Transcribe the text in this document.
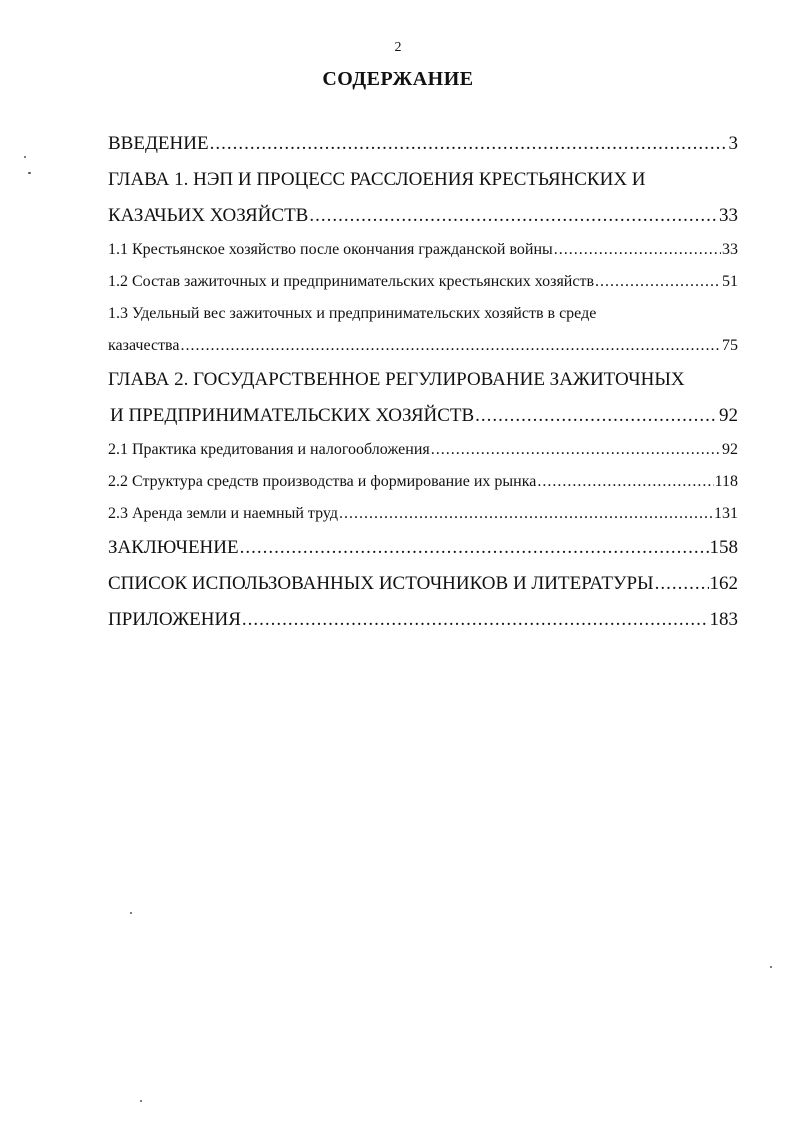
2
СОДЕРЖАНИЕ
ВВЕДЕНИЕ .....	3
ГЛАВА 1. НЭП И ПРОЦЕСС РАССЛОЕНИЯ КРЕСТЬЯНСКИХ И
КАЗАЧЬИХ ХОЗЯЙСТВ .....	33
1.1 Крестьянское хозяйство после окончания гражданской войны .....	33
1.2 Состав зажиточных и предпринимательских крестьянских хозяйств .....	51
1.3 Удельный вес зажиточных и предпринимательских хозяйств в среде
казачества .....	75
ГЛАВА 2. ГОСУДАРСТВЕННОЕ РЕГУЛИРОВАНИЕ ЗАЖИТОЧНЫХ
И ПРЕДПРИНИМАТЕЛЬСКИХ ХОЗЯЙСТВ .....	92
2.1 Практика кредитования и налогообложения .....	92
2.2 Структура средств производства и формирование их рынка .....	118
2.3 Аренда земли и наемный труд .....	131
ЗАКЛЮЧЕНИЕ .....	158
СПИСОК ИСПОЛЬЗОВАННЫХ ИСТОЧНИКОВ И ЛИТЕРАТУРЫ .....	162
ПРИЛОЖЕНИЯ .....	183
